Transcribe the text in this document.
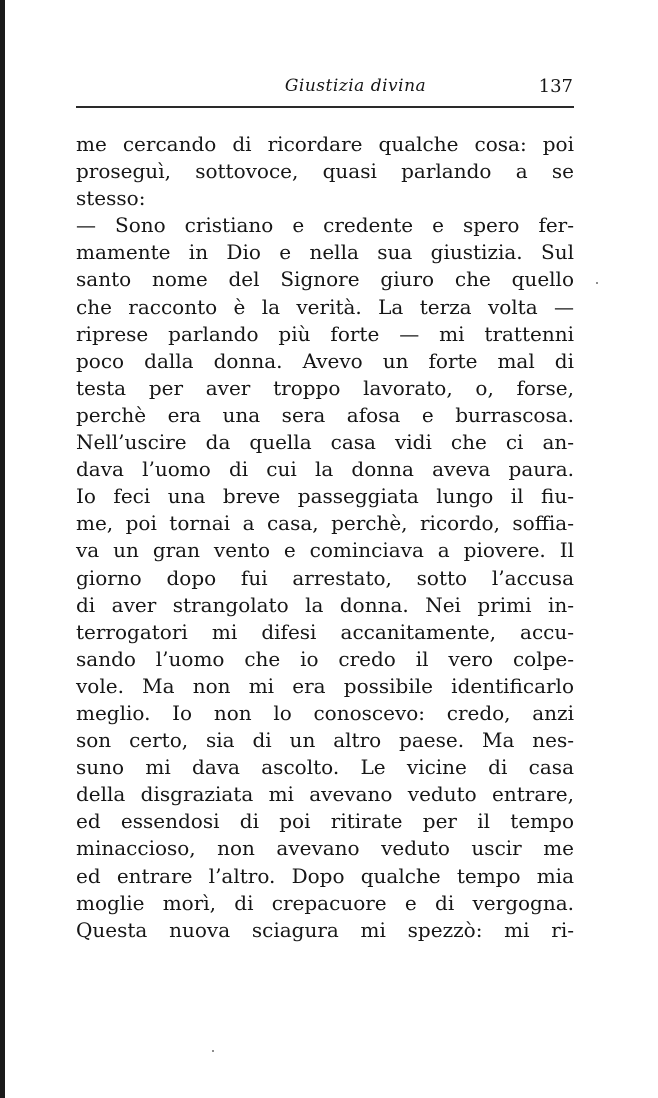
Giustizia divina	137
me cercando di ricordare qualche cosa: poi
proseguì, sottovoce, quasi parlando a se
stesso:
— Sono cristiano e credente e spero fer-
mamente in Dio e nella sua giustizia. Sul
santo nome del Signore giuro che quello
che racconto è la verità. La terza volta —
riprese parlando più forte — mi trattenni
poco dalla donna. Avevo un forte mal di
testa per aver troppo lavorato, o, forse,
perchè era una sera afosa e burrascosa.
Nell’uscire da quella casa vidi che ci an-
dava l’uomo di cui la donna aveva paura.
Io feci una breve passeggiata lungo il fiu-
me, poi tornai a casa, perchè, ricordo, soffia-
va un gran vento e cominciava a piovere. Il
giorno dopo fui arrestato, sotto l’accusa
di aver strangolato la donna. Nei primi in-
terrogatori mi difesi accanitamente, accu-
sando l’uomo che io credo il vero colpe-
vole. Ma non mi era possibile identificarlo
meglio. Io non lo conoscevo: credo, anzi
son certo, sia di un altro paese. Ma nes-
suno mi dava ascolto. Le vicine di casa
della disgraziata mi avevano veduto entrare,
ed essendosi di poi ritirate per il tempo
minaccioso, non avevano veduto uscir me
ed entrare l’altro. Dopo qualche tempo mia
moglie morì, di crepacuore e di vergogna.
Questa nuova sciagura mi spezzò: mi ri-
